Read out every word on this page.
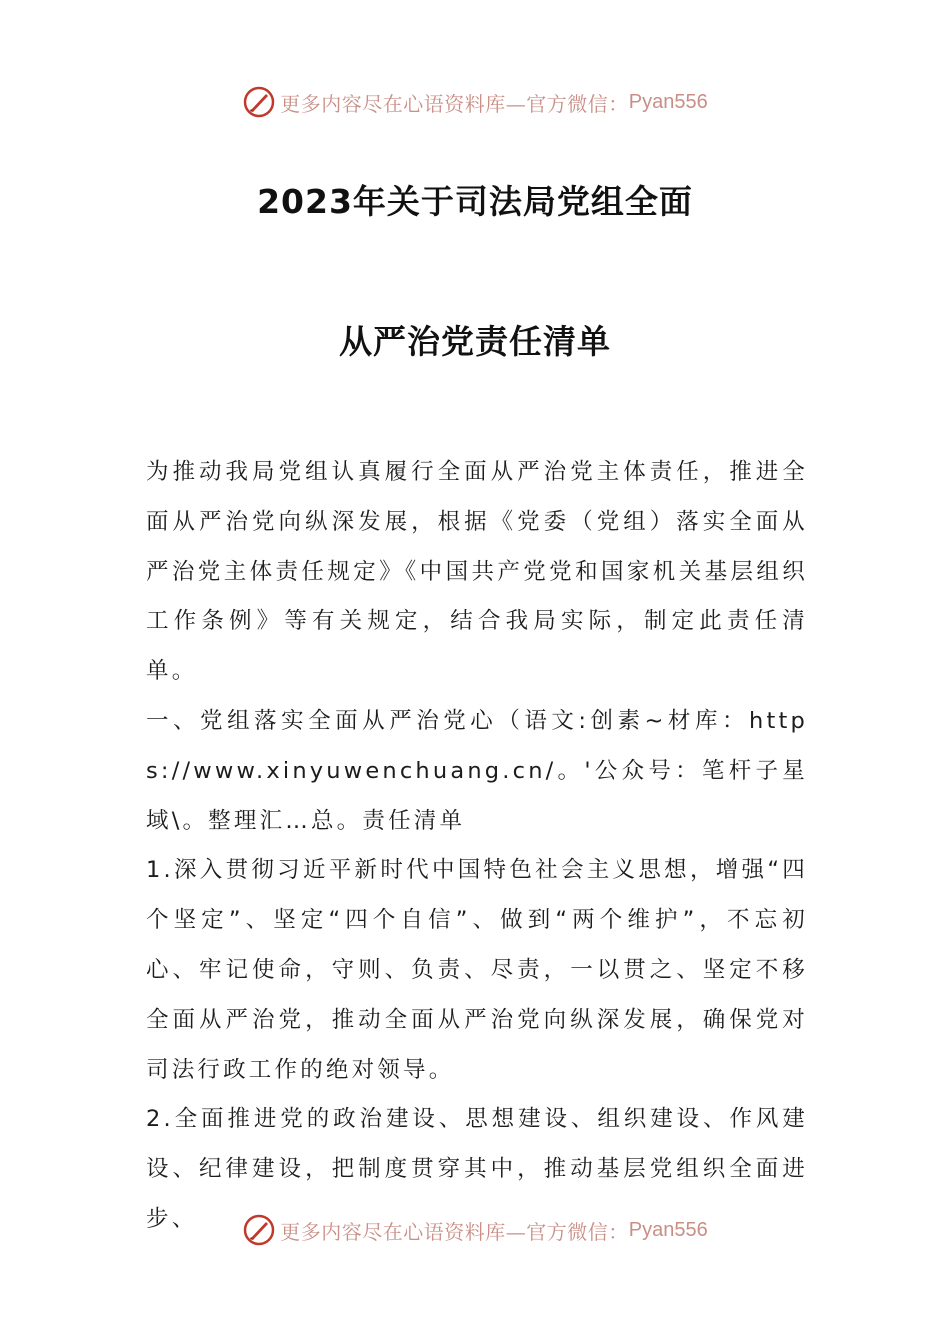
更多内容尽在心语资料库—官方微信： Pyan556
2023年关于司法局党组全面
从严治党责任清单

为推动我局党组认真履行全面从严治党主体责任，推进全面从严治党向纵深发展，根据《党委（党组）落实全面从严治党主体责任规定》《中国共产党党和国家机关基层组织工作条例》等有关规定，结合我局实际，制定此责任清单。

一、党组落实全面从严治党心（语文:创素~材库：https://www.xinyuwenchuang.cn/。'公众号：笔杆子星域\。整理汇…总。责任清单

1.深入贯彻习近平新时代中国特色社会主义思想，增强“四个坚定”、坚定“四个自信”、做到“两个维护”，不忘初心、牢记使命，守则、负责、尽责，一以贯之、坚定不移全面从严治党，推动全面从严治党向纵深发展，确保党对司法行政工作的绝对领导。

2.全面推进党的政治建设、思想建设、组织建设、作风建设、纪律建设，把制度贯穿其中，推动基层党组织全面进步、	更多内容尽在心语资料库—官方微信： Pyan556
